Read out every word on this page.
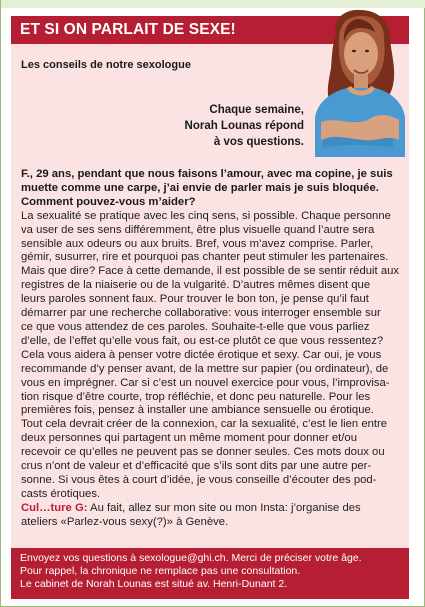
ET SI ON PARLAIT DE SEXE!

Les conseils de notre sexologue

Chaque semaine,
Norah Lounas répond
à vos questions.
F., 29 ans, pendant que nous faisons l’amour, avec ma copine, je suis
muette comme une carpe, j’ai envie de parler mais je suis bloquée.
Comment pouvez-vous m’aider?
La sexualité se pratique avec les cinq sens, si possible. Chaque personne
va user de ses sens différemment, être plus visuelle quand l’autre sera
sensible aux odeurs ou aux bruits. Bref, vous m’avez comprise. Parler,
gémir, susurrer, rire et pourquoi pas chanter peut stimuler les partenaires.
Mais que dire? Face à cette demande, il est possible de se sentir réduit aux
registres de la niaiserie ou de la vulgarité. D’autres mêmes disent que
leurs paroles sonnent faux. Pour trouver le bon ton, je pense qu’il faut
démarrer par une recherche collaborative: vous interroger ensemble sur
ce que vous attendez de ces paroles. Souhaite-t-elle que vous parliez
d’elle, de l’effet qu’elle vous fait, ou est-ce plutôt ce que vous ressentez?
Cela vous aidera à penser votre dictée érotique et sexy. Car oui, je vous
recommande d’y penser avant, de la mettre sur papier (ou ordinateur), de
vous en imprégner. Car si c’est un nouvel exercice pour vous, l’improvisa-
tion risque d’être courte, trop réfléchie, et donc peu naturelle. Pour les
premières fois, pensez à installer une ambiance sensuelle ou érotique.
Tout cela devrait créer de la connexion, car la sexualité, c’est le lien entre
deux personnes qui partagent un même moment pour donner et/ou
recevoir ce qu’elles ne peuvent pas se donner seules. Ces mots doux ou
crus n’ont de valeur et d’efficacité que s’ils sont dits par une autre per-
sonne. Si vous êtes à court d’idée, je vous conseille d’écouter des pod-
casts érotiques.
Cul…ture G: Au fait, allez sur mon site ou mon Insta: j’organise des
ateliers «Parlez-vous sexy(?)» à Genève.
Envoyez vos questions à sexologue@ghi.ch. Merci de préciser votre âge.
Pour rappel, la chronique ne remplace pas une consultation.
Le cabinet de Norah Lounas est situé av. Henri-Dunant 2.
